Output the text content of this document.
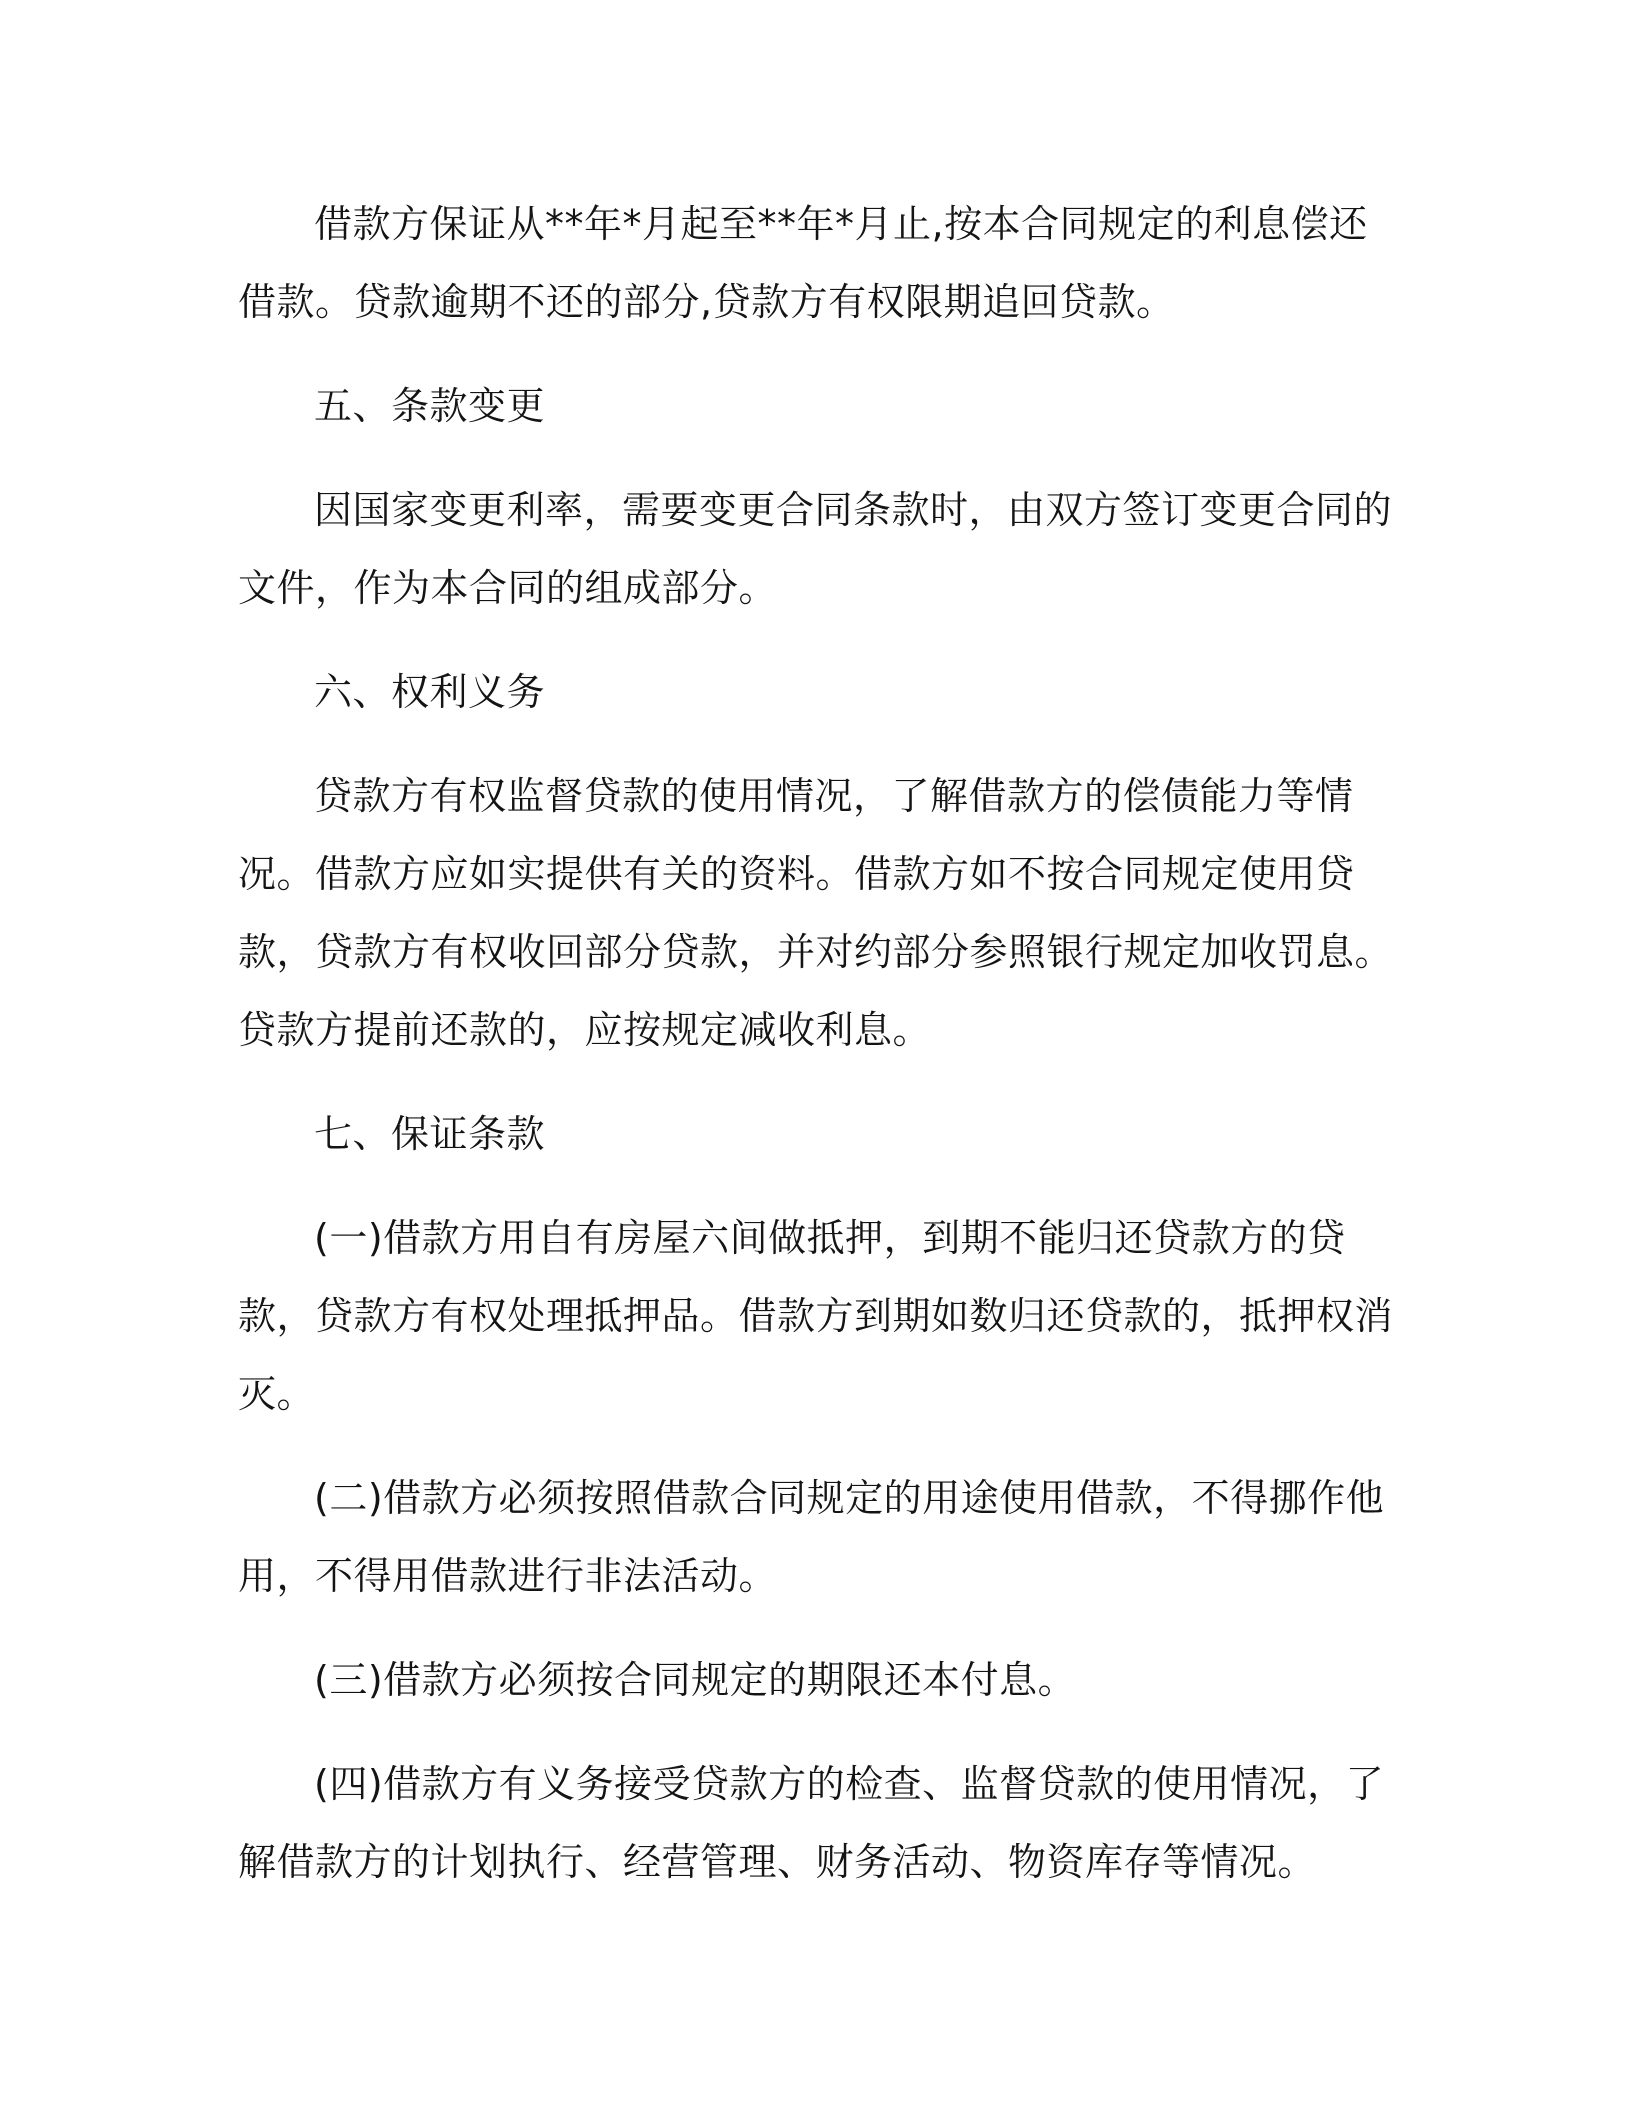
借款方保证从**年*月起至**年*月止,按本合同规定的利息偿还借款。贷款逾期不还的部分,贷款方有权限期追回贷款。

五、条款变更

因国家变更利率，需要变更合同条款时，由双方签订变更合同的文件，作为本合同的组成部分。

六、权利义务

贷款方有权监督贷款的使用情况，了解借款方的偿债能力等情况。借款方应如实提供有关的资料。借款方如不按合同规定使用贷款，贷款方有权收回部分贷款，并对约部分参照银行规定加收罚息。贷款方提前还款的，应按规定减收利息。

七、保证条款

(一)借款方用自有房屋六间做抵押，到期不能归还贷款方的贷款，贷款方有权处理抵押品。借款方到期如数归还贷款的，抵押权消灭。

(二)借款方必须按照借款合同规定的用途使用借款，不得挪作他用，不得用借款进行非法活动。

(三)借款方必须按合同规定的期限还本付息。

(四)借款方有义务接受贷款方的检查、监督贷款的使用情况，了解借款方的计划执行、经营管理、财务活动、物资库存等情况。
